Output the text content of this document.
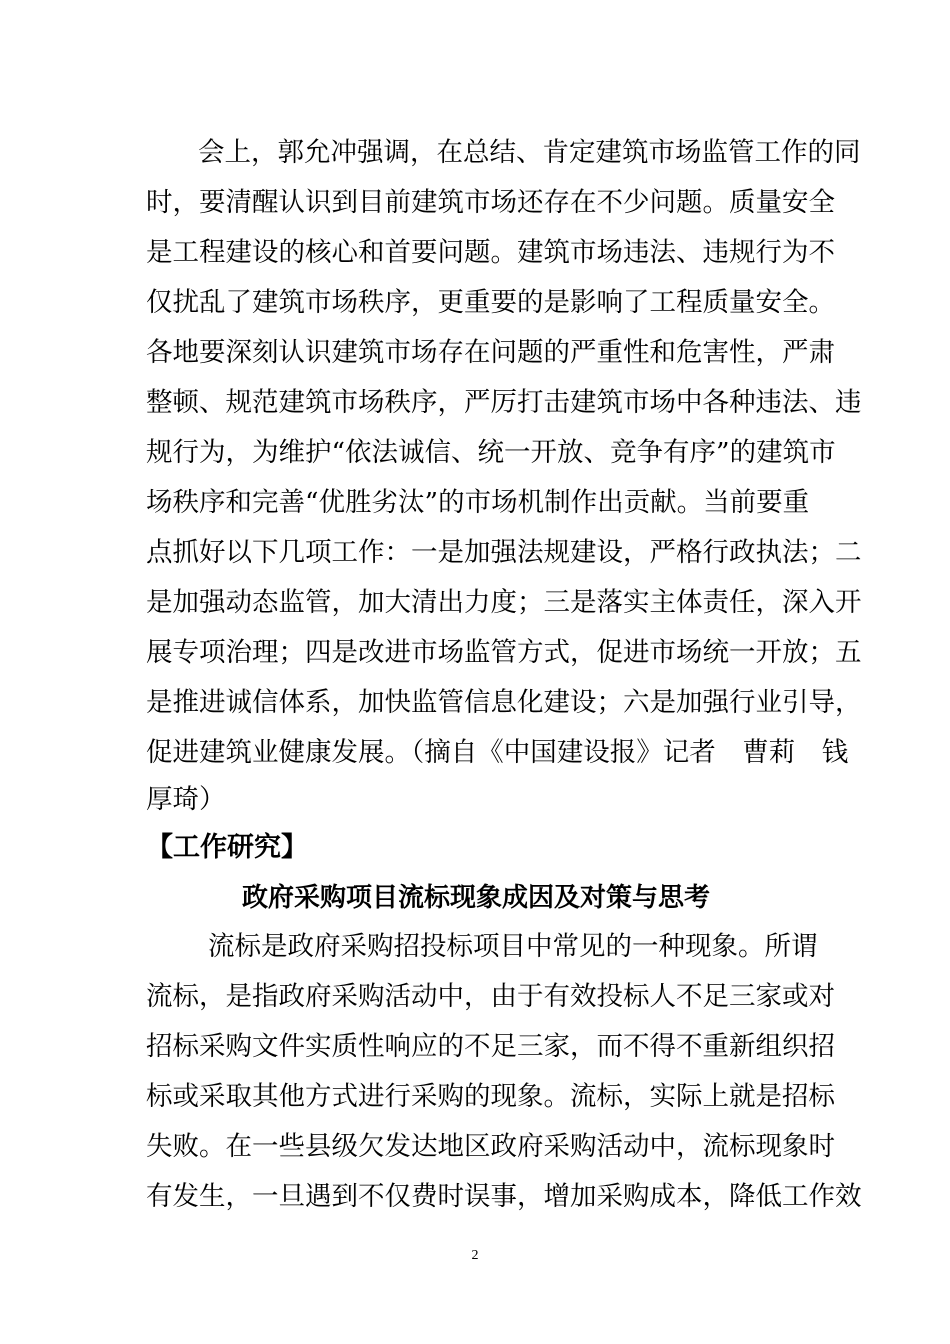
会上，郭允冲强调，在总结、肯定建筑市场监管工作的同
时，要清醒认识到目前建筑市场还存在不少问题。质量安全
是工程建设的核心和首要问题。建筑市场违法、违规行为不
仅扰乱了建筑市场秩序，更重要的是影响了工程质量安全。
各地要深刻认识建筑市场存在问题的严重性和危害性，严肃
整顿、规范建筑市场秩序，严厉打击建筑市场中各种违法、违
规行为，为维护“依法诚信、统一开放、竞争有序”的建筑市
场秩序和完善“优胜劣汰”的市场机制作出贡献。当前要重
点抓好以下几项工作：一是加强法规建设，严格行政执法；二
是加强动态监管，加大清出力度；三是落实主体责任，深入开
展专项治理；四是改进市场监管方式，促进市场统一开放；五
是推进诚信体系，加快监管信息化建设；六是加强行业引导，
促进建筑业健康发展。（摘自《中国建设报》记者　曹莉　钱
厚琦）
【工作研究】
政府采购项目流标现象成因及对策与思考
流标是政府采购招投标项目中常见的一种现象。所谓
流标，是指政府采购活动中，由于有效投标人不足三家或对
招标采购文件实质性响应的不足三家，而不得不重新组织招
标或采取其他方式进行采购的现象。流标，实际上就是招标
失败。在一些县级欠发达地区政府采购活动中，流标现象时
有发生，一旦遇到不仅费时误事，增加采购成本，降低工作效
2
